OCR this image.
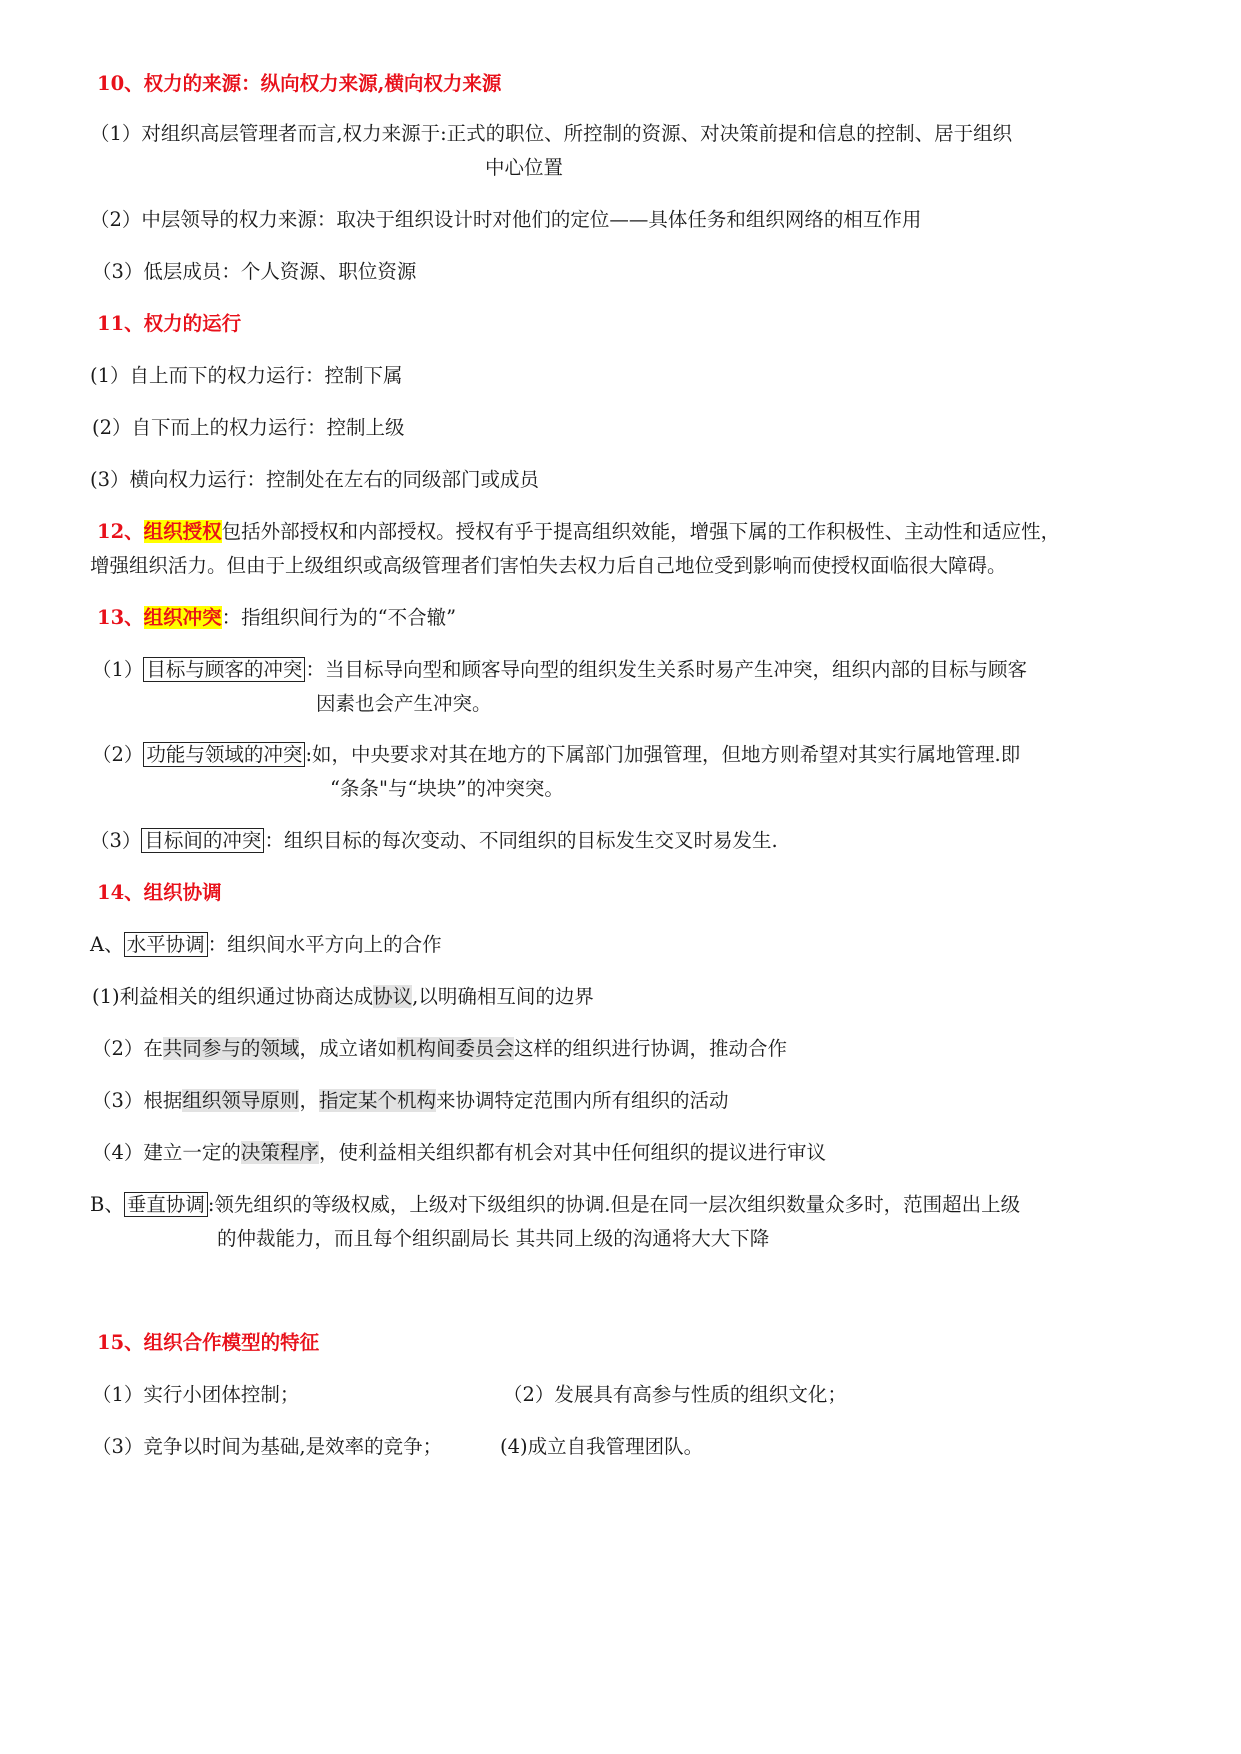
10、权力的来源：纵向权力来源,横向权力来源
（1）对组织高层管理者而言,权力来源于:正式的职位、所控制的资源、对决策前提和信息的控制、居于组织
中心位置
（2）中层领导的权力来源：取决于组织设计时对他们的定位——具体任务和组织网络的相互作用
（3）低层成员：个人资源、职位资源
11、权力的运行
(1）自上而下的权力运行：控制下属
(2）自下而上的权力运行：控制上级
(3）横向权力运行：控制处在左右的同级部门或成员
12、组织授权包括外部授权和内部授权。授权有乎于提高组织效能，增强下属的工作积极性、主动性和适应性，
增强组织活力。但由于上级组织或高级管理者们害怕失去权力后自己地位受到影响而使授权面临很大障碍。
13、组织冲突：指组织间行为的“不合辙”
（1） 目标与顾客的冲突 ：当目标导向型和顾客导向型的组织发生关系时易产生冲突，组织内部的目标与顾客
因素也会产生冲突。
（2） 功能与领域的冲突 :如，中央要求对其在地方的下属部门加强管理，但地方则希望对其实行属地管理.即
“条条"与“块块”的冲突突。
（3） 目标间的冲突 ：组织目标的每次变动、不同组织的目标发生交叉时易发生.
14、组织协调
A、 水平协调 ：组织间水平方向上的合作
(1)利益相关的组织通过协商达成协议,以明确相互间的边界
（2）在共同参与的领域，成立诸如机构间委员会这样的组织进行协调，推动合作
（3）根据组织领导原则，指定某个机构来协调特定范围内所有组织的活动
（4）建立一定的决策程序，使利益相关组织都有机会对其中任何组织的提议进行审议
B、 垂直协调 :领先组织的等级权威，上级对下级组织的协调.但是在同一层次组织数量众多时，范围超出上级
的仲裁能力，而且每个组织副局长 其共同上级的沟通将大大下降
15、组织合作模型的特征
（1）实行小团体控制；	（2）发展具有高参与性质的组织文化；
（3）竞争以时间为基础,是效率的竞争；	(4)成立自我管理团队。
